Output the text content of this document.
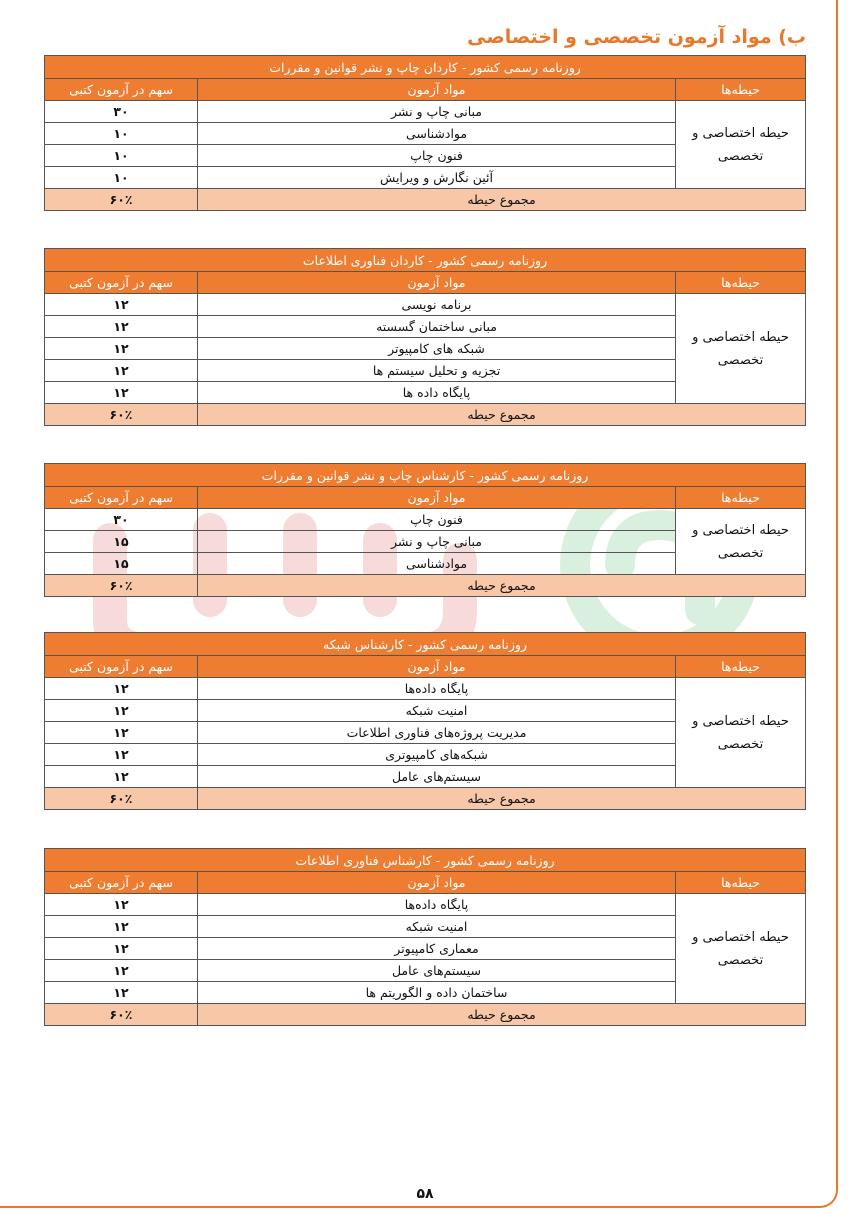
ب) مواد آزمون تخصصی و اختصاصی
روزنامه رسمی کشور - کاردان چاپ و نشر قوانین و مقررات		
حیطه‌ها	مواد آزمون	سهم در آزمون کتبی
حیطه اختصاصی و تخصصی	مبانی چاپ و نشر	۳۰
	موادشناسی	۱۰
	فنون چاپ	۱۰
	آئین نگارش و ویرایش	۱۰
مجموع حیطه		۶۰٪
روزنامه رسمی کشور - کاردان فناوری اطلاعات		
حیطه‌ها	مواد آزمون	سهم در آزمون کتبی
حیطه اختصاصی و تخصصی	برنامه نویسی	۱۲
	مبانی ساختمان گسسته	۱۲
	شبکه های کامپیوتر	۱۲
	تجزیه و تحلیل سیستم ها	۱۲
	پایگاه داده ها	۱۲
مجموع حیطه		۶۰٪
روزنامه رسمی کشور - کارشناس چاپ و نشر قوانین و مقررات		
حیطه‌ها	مواد آزمون	سهم در آزمون کتبی
حیطه اختصاصی و تخصصی	فنون چاپ	۳۰
	مبانی چاپ و نشر	۱۵
	موادشناسی	۱۵
مجموع حیطه		۶۰٪
روزنامه رسمی کشور - کارشناس شبکه		
حیطه‌ها	مواد آزمون	سهم در آزمون کتبی
حیطه اختصاصی و تخصصی	پایگاه داده‌ها	۱۲
	امنیت شبکه	۱۲
	مدیریت پروژه‌های فناوری اطلاعات	۱۲
	شبکه‌های کامپیوتری	۱۲
	سیستم‌های عامل	۱۲
مجموع حیطه		۶۰٪
روزنامه رسمی کشور - کارشناس فناوری اطلاعات		
حیطه‌ها	مواد آزمون	سهم در آزمون کتبی
حیطه اختصاصی و تخصصی	پایگاه داده‌ها	۱۲
	امنیت شبکه	۱۲
	معماری کامپیوتر	۱۲
	سیستم‌های عامل	۱۲
	ساختمان داده و الگوریتم ها	۱۲
مجموع حیطه		۶۰٪
۵۸
